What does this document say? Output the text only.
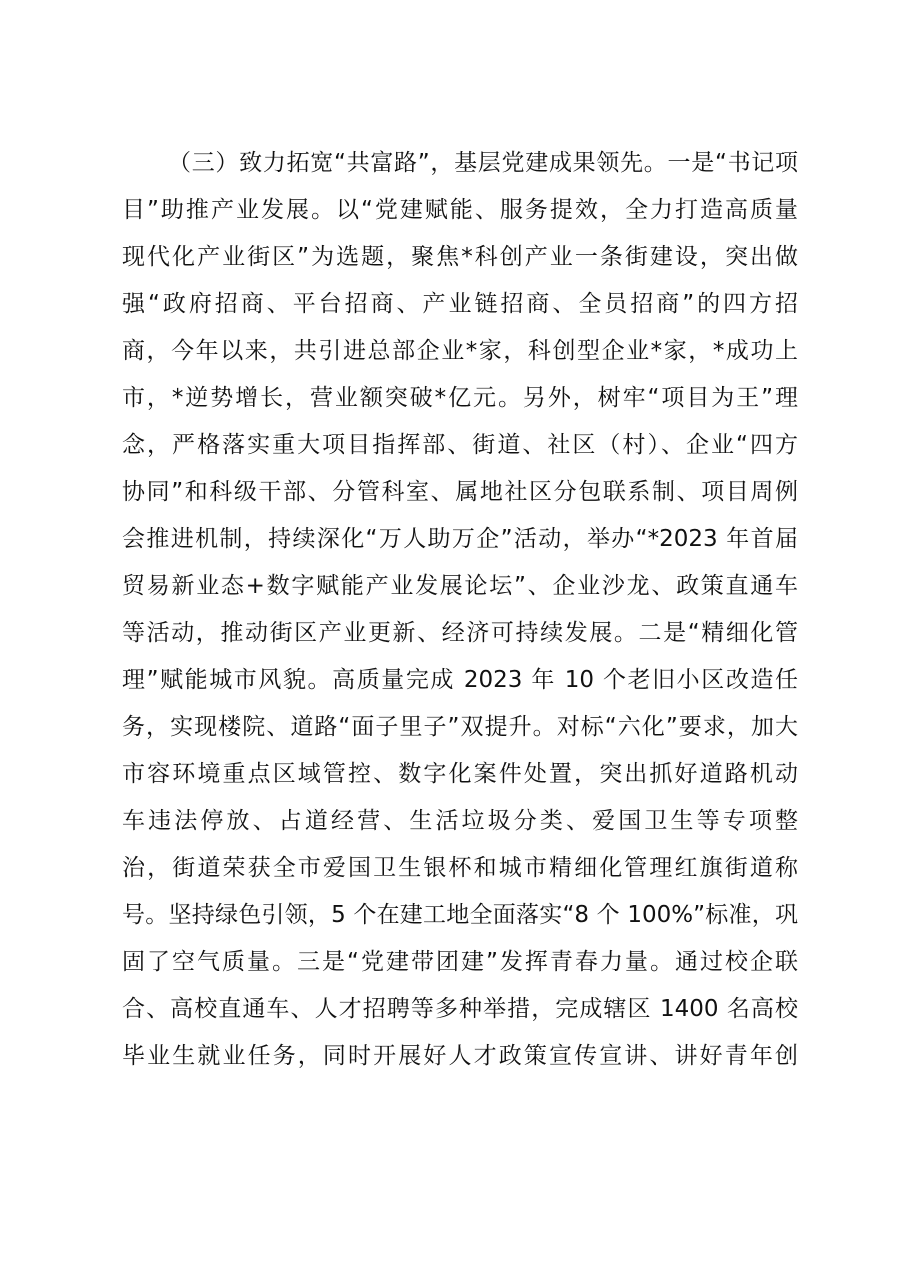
（三）致力拓宽“共富路”，基层党建成果领先。一是“书记项
目”助推产业发展。以“党建赋能、服务提效，全力打造高质量
现代化产业街区”为选题，聚焦*科创产业一条街建设，突出做
强“政府招商、平台招商、产业链招商、全员招商”的四方招
商，今年以来，共引进总部企业*家，科创型企业*家，*成功上
市，*逆势增长，营业额突破*亿元。另外，树牢“项目为王”理
念，严格落实重大项目指挥部、街道、社区（村）、企业“四方
协同”和科级干部、分管科室、属地社区分包联系制、项目周例
会推进机制，持续深化“万人助万企”活动，举办“*2023 年首届
贸易新业态+数字赋能产业发展论坛”、企业沙龙、政策直通车
等活动，推动街区产业更新、经济可持续发展。二是“精细化管
理”赋能城市风貌。高质量完成 2023 年 10 个老旧小区改造任
务，实现楼院、道路“面子里子”双提升。对标“六化”要求，加大
市容环境重点区域管控、数字化案件处置，突出抓好道路机动
车违法停放、占道经营、生活垃圾分类、爱国卫生等专项整
治，街道荣获全市爱国卫生银杯和城市精细化管理红旗街道称
号。坚持绿色引领，5 个在建工地全面落实“8 个 100%”标准，巩
固了空气质量。三是“党建带团建”发挥青春力量。通过校企联
合、高校直通车、人才招聘等多种举措，完成辖区 1400 名高校
毕业生就业任务，同时开展好人才政策宣传宣讲、讲好青年创
